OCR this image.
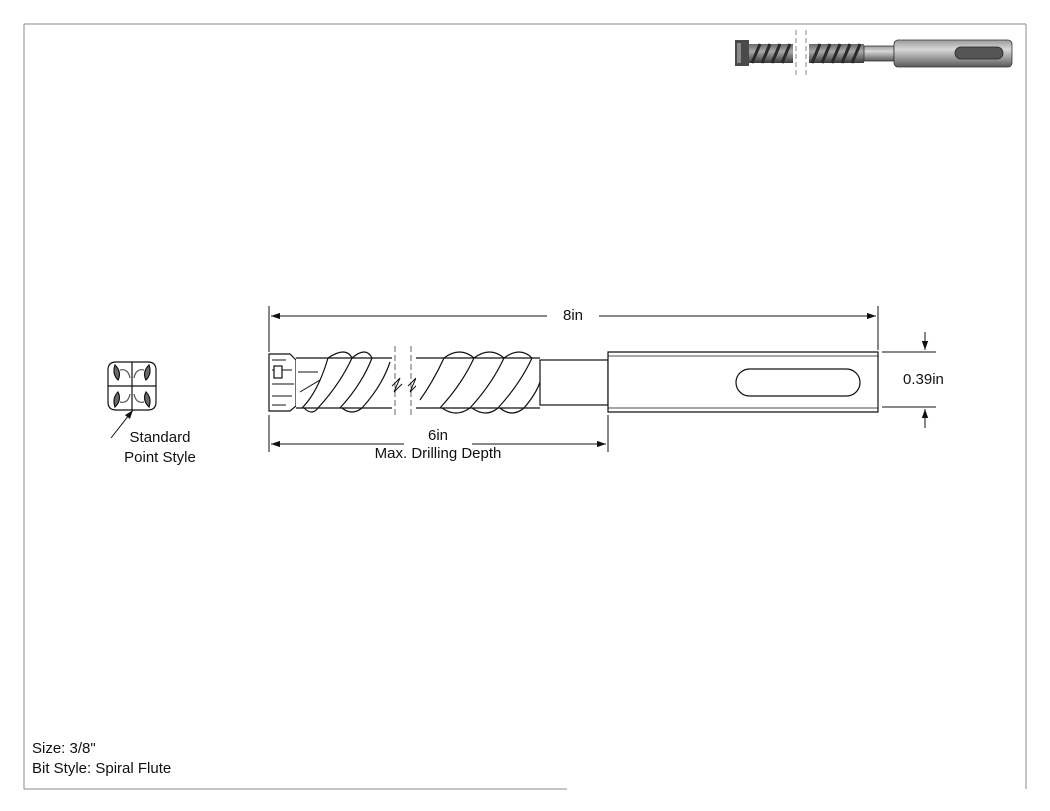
8in
0.39in
6in
Max. Drilling Depth
Standard
Point Style
Size: 3/8"
Bit Style: Spiral Flute
